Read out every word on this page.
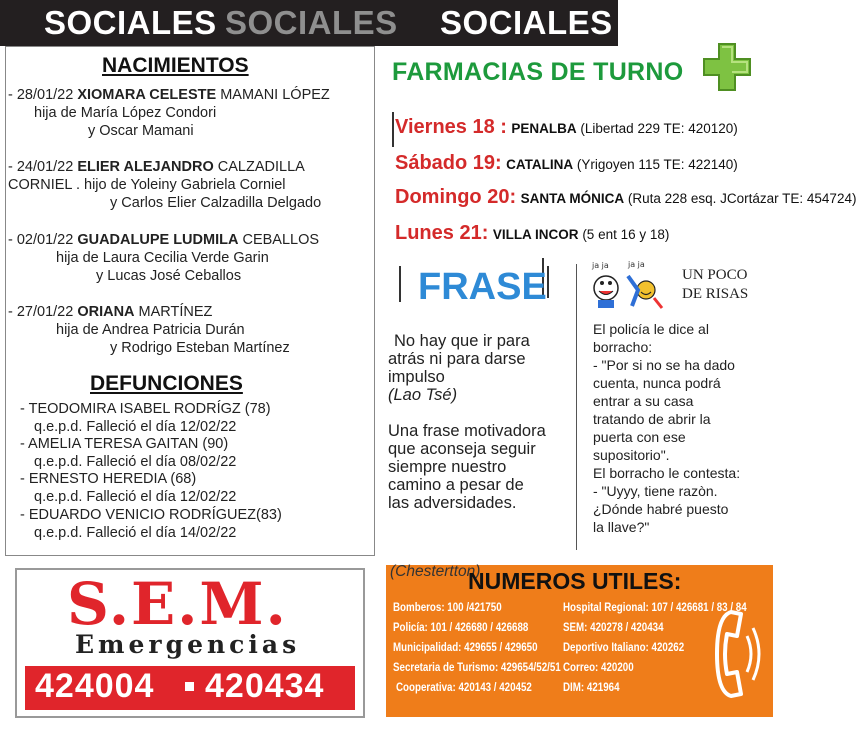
SOCIALES SOCIALES SOCIALES
NACIMIENTOS
- 28/01/22 XIOMARA CELESTE MAMANI LÓPEZ
hija de María López Condori
y Oscar Mamani
- 24/01/22 ELIER ALEJANDRO CALZADILLA
CORNIEL . hijo de Yoleiny Gabriela Corniel
y Carlos Elier Calzadilla Delgado
- 02/01/22 GUADALUPE LUDMILA CEBALLOS
hija de Laura Cecilia Verde Garin
y Lucas José Ceballos
- 27/01/22 ORIANA MARTÍNEZ
hija de Andrea Patricia Durán
y Rodrigo Esteban Martínez
DEFUNCIONES
- TEODOMIRA ISABEL RODRÍGZ (78)
q.e.p.d. Falleció el día 12/02/22
- AMELIA TERESA GAITAN (90)
q.e.p.d. Falleció el día 08/02/22
- ERNESTO HEREDIA (68)
q.e.p.d. Falleció el día 12/02/22
- EDUARDO VENICIO RODRÍGUEZ(83)
q.e.p.d. Falleció el día 14/02/22
FARMACIAS DE TURNO
Viernes 18 : PENALBA (Libertad 229 TE: 420120)
Sábado 19: CATALINA (Yrigoyen 115 TE: 422140)
Domingo 20: SANTA MÓNICA (Ruta 228 esq. JCortázar TE: 454724)
Lunes 21: VILLA INCOR (5 ent 16 y 18)
FRASE
No hay que ir para
atrás ni para darse
impulso
(Lao Tsé)
Una frase motivadora
que aconseja seguir
siempre nuestro
camino a pesar de
las adversidades.
ja ja ja ja
UN POCO
DE RISAS
El policía le dice al
borracho:
- "Por si no se ha dado
cuenta, nunca podrá
entrar a su casa
tratando de abrir la
puerta con ese
supositorio".
El borracho le contesta:
- "Uyyy, tiene razòn.
¿Dónde habré puesto
la llave?"
S.E.M.
Emergencias
424004 420434
(Chestertton)
NUMEROS UTILES:
Bomberos: 100 /421750
Policía: 101 / 426680 / 426688
Municipalidad: 429655 / 429650
Secretaria de Turismo: 429654/52/51
Cooperativa: 420143 / 420452
Hospital Regional: 107 / 426681 / 83 / 84
SEM: 420278 / 420434
Deportivo Italiano: 420262
Correo: 420200
DIM: 421964
